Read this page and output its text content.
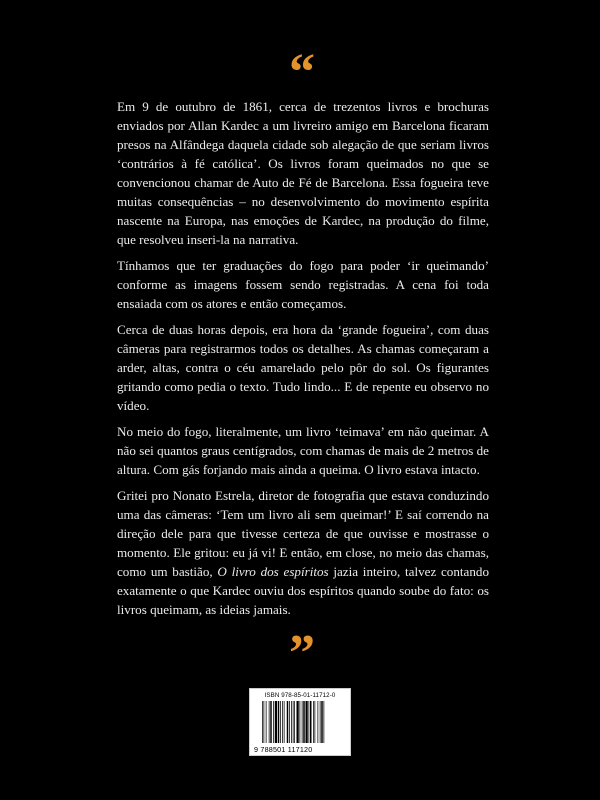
“

Em 9 de outubro de 1861, cerca de trezentos livros e brochuras enviados por Allan Kardec a um livreiro amigo em Barcelona ficaram presos na Alfândega daquela cidade sob alegação de que seriam livros ‘contrários à fé católica’. Os livros foram queimados no que se convencionou chamar de Auto de Fé de Barcelona. Essa fogueira teve muitas consequências – no desenvolvimento do movimento espírita nascente na Europa, nas emoções de Kardec, na produção do filme, que resolveu inseri-la na narrativa.

Tínhamos que ter graduações do fogo para poder ‘ir queimando’ conforme as imagens fossem sendo registradas. A cena foi toda ensaiada com os atores e então começamos.

Cerca de duas horas depois, era hora da ‘grande fogueira’, com duas câmeras para registrarmos todos os detalhes. As chamas começaram a arder, altas, contra o céu amarelado pelo pôr do sol. Os figurantes gritando como pedia o texto. Tudo lindo... E de repente eu observo no vídeo.

No meio do fogo, literalmente, um livro ‘teimava’ em não queimar. A não sei quantos graus centígrados, com chamas de mais de 2 metros de altura. Com gás forjando mais ainda a queima. O livro estava intacto.

Gritei pro Nonato Estrela, diretor de fotografia que estava conduzindo uma das câmeras: ‘Tem um livro ali sem queimar!’ E saí correndo na direção dele para que tivesse certeza de que ouvisse e mostrasse o momento. Ele gritou: eu já vi! E então, em close, no meio das chamas, como um bastião, O livro dos espíritos jazia inteiro, talvez contando exatamente o que Kardec ouviu dos espíritos quando soube do fato: os livros queimam, as ideias jamais.

”
ISBN 978-85-01-11712-0
9 788501 117120
